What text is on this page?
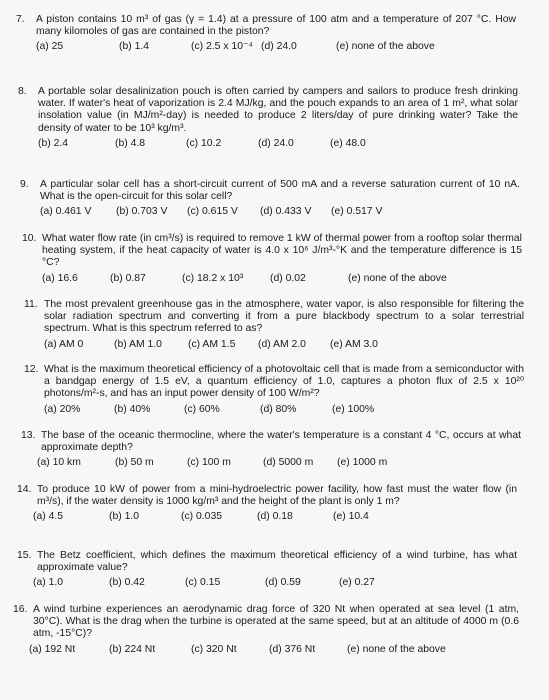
7.	A piston contains 10 m³ of gas (γ = 1.4) at a pressure of 100 atm and a temperature of 207 °C. How many kilomoles of gas are contained in the piston?
(a) 25	(b) 1.4	(c) 2.5 x 10⁻⁴ (d) 24.0	(e) none of the above
8.	A portable solar desalinization pouch is often carried by campers and sailors to produce fresh drinking water. If water's heat of vaporization is 2.4 MJ/kg, and the pouch expands to an area of 1 m², what solar insolation value (in MJ/m²-day) is needed to produce 2 liters/day of pure drinking water? Take the density of water to be 10³ kg/m³.
(b) 2.4	(b) 4.8	(c) 10.2	(d) 24.0	(e) 48.0
9.	A particular solar cell has a short-circuit current of 500 mA and a reverse saturation current of 10 nA. What is the open-circuit for this solar cell?
(a) 0.461 V (b) 0.703 V (c) 0.615 V (d) 0.433 V (e) 0.517 V
10. What water flow rate (in cm³/s) is required to remove 1 kW of thermal power from a rooftop solar thermal heating system, if the heat capacity of water is 4.0 x 10⁶ J/m³-°K and the temperature difference is 15 °C?
(a) 16.6	(b) 0.87	(c) 18.2 x 10³	(d) 0.02	(e) none of the above
11. The most prevalent greenhouse gas in the atmosphere, water vapor, is also responsible for filtering the solar radiation spectrum and converting it from a pure blackbody spectrum to a solar terrestrial spectrum. What is this spectrum referred to as?
(a) AM 0	(b) AM 1.0	(c) AM 1.5 (d) AM 2.0 (e) AM 3.0
12. What is the maximum theoretical efficiency of a photovoltaic cell that is made from a semiconductor with a bandgap energy of 1.5 eV, a quantum efficiency of 1.0, captures a photon flux of 2.5 x 10²⁰ photons/m²-s, and has an input power density of 100 W/m²?
(a) 20%	(b) 40%	(c) 60%	(d) 80%	(e) 100%
13. The base of the oceanic thermocline, where the water's temperature is a constant 4 °C, occurs at what approximate depth?
(a) 10 km	(b) 50 m	(c) 100 m	(d) 5000 m (e) 1000 m
14. To produce 10 kW of power from a mini-hydroelectric power facility, how fast must the water flow (in m³/s), if the water density is 1000 kg/m³ and the height of the plant is only 1 m?
(a) 4.5	(b) 1.0	(c) 0.035	(d) 0.18	(e) 10.4
15. The Betz coefficient, which defines the maximum theoretical efficiency of a wind turbine, has what approximate value?
(a) 1.0	(b) 0.42	(c) 0.15	(d) 0.59	(e) 0.27
16. A wind turbine experiences an aerodynamic drag force of 320 Nt when operated at sea level (1 atm, 30°C). What is the drag when the turbine is operated at the same speed, but at an altitude of 4000 m (0.6 atm, -15°C)?
(a) 192 Nt	(b) 224 Nt	(c) 320 Nt	(d) 376 Nt	(e) none of the above
